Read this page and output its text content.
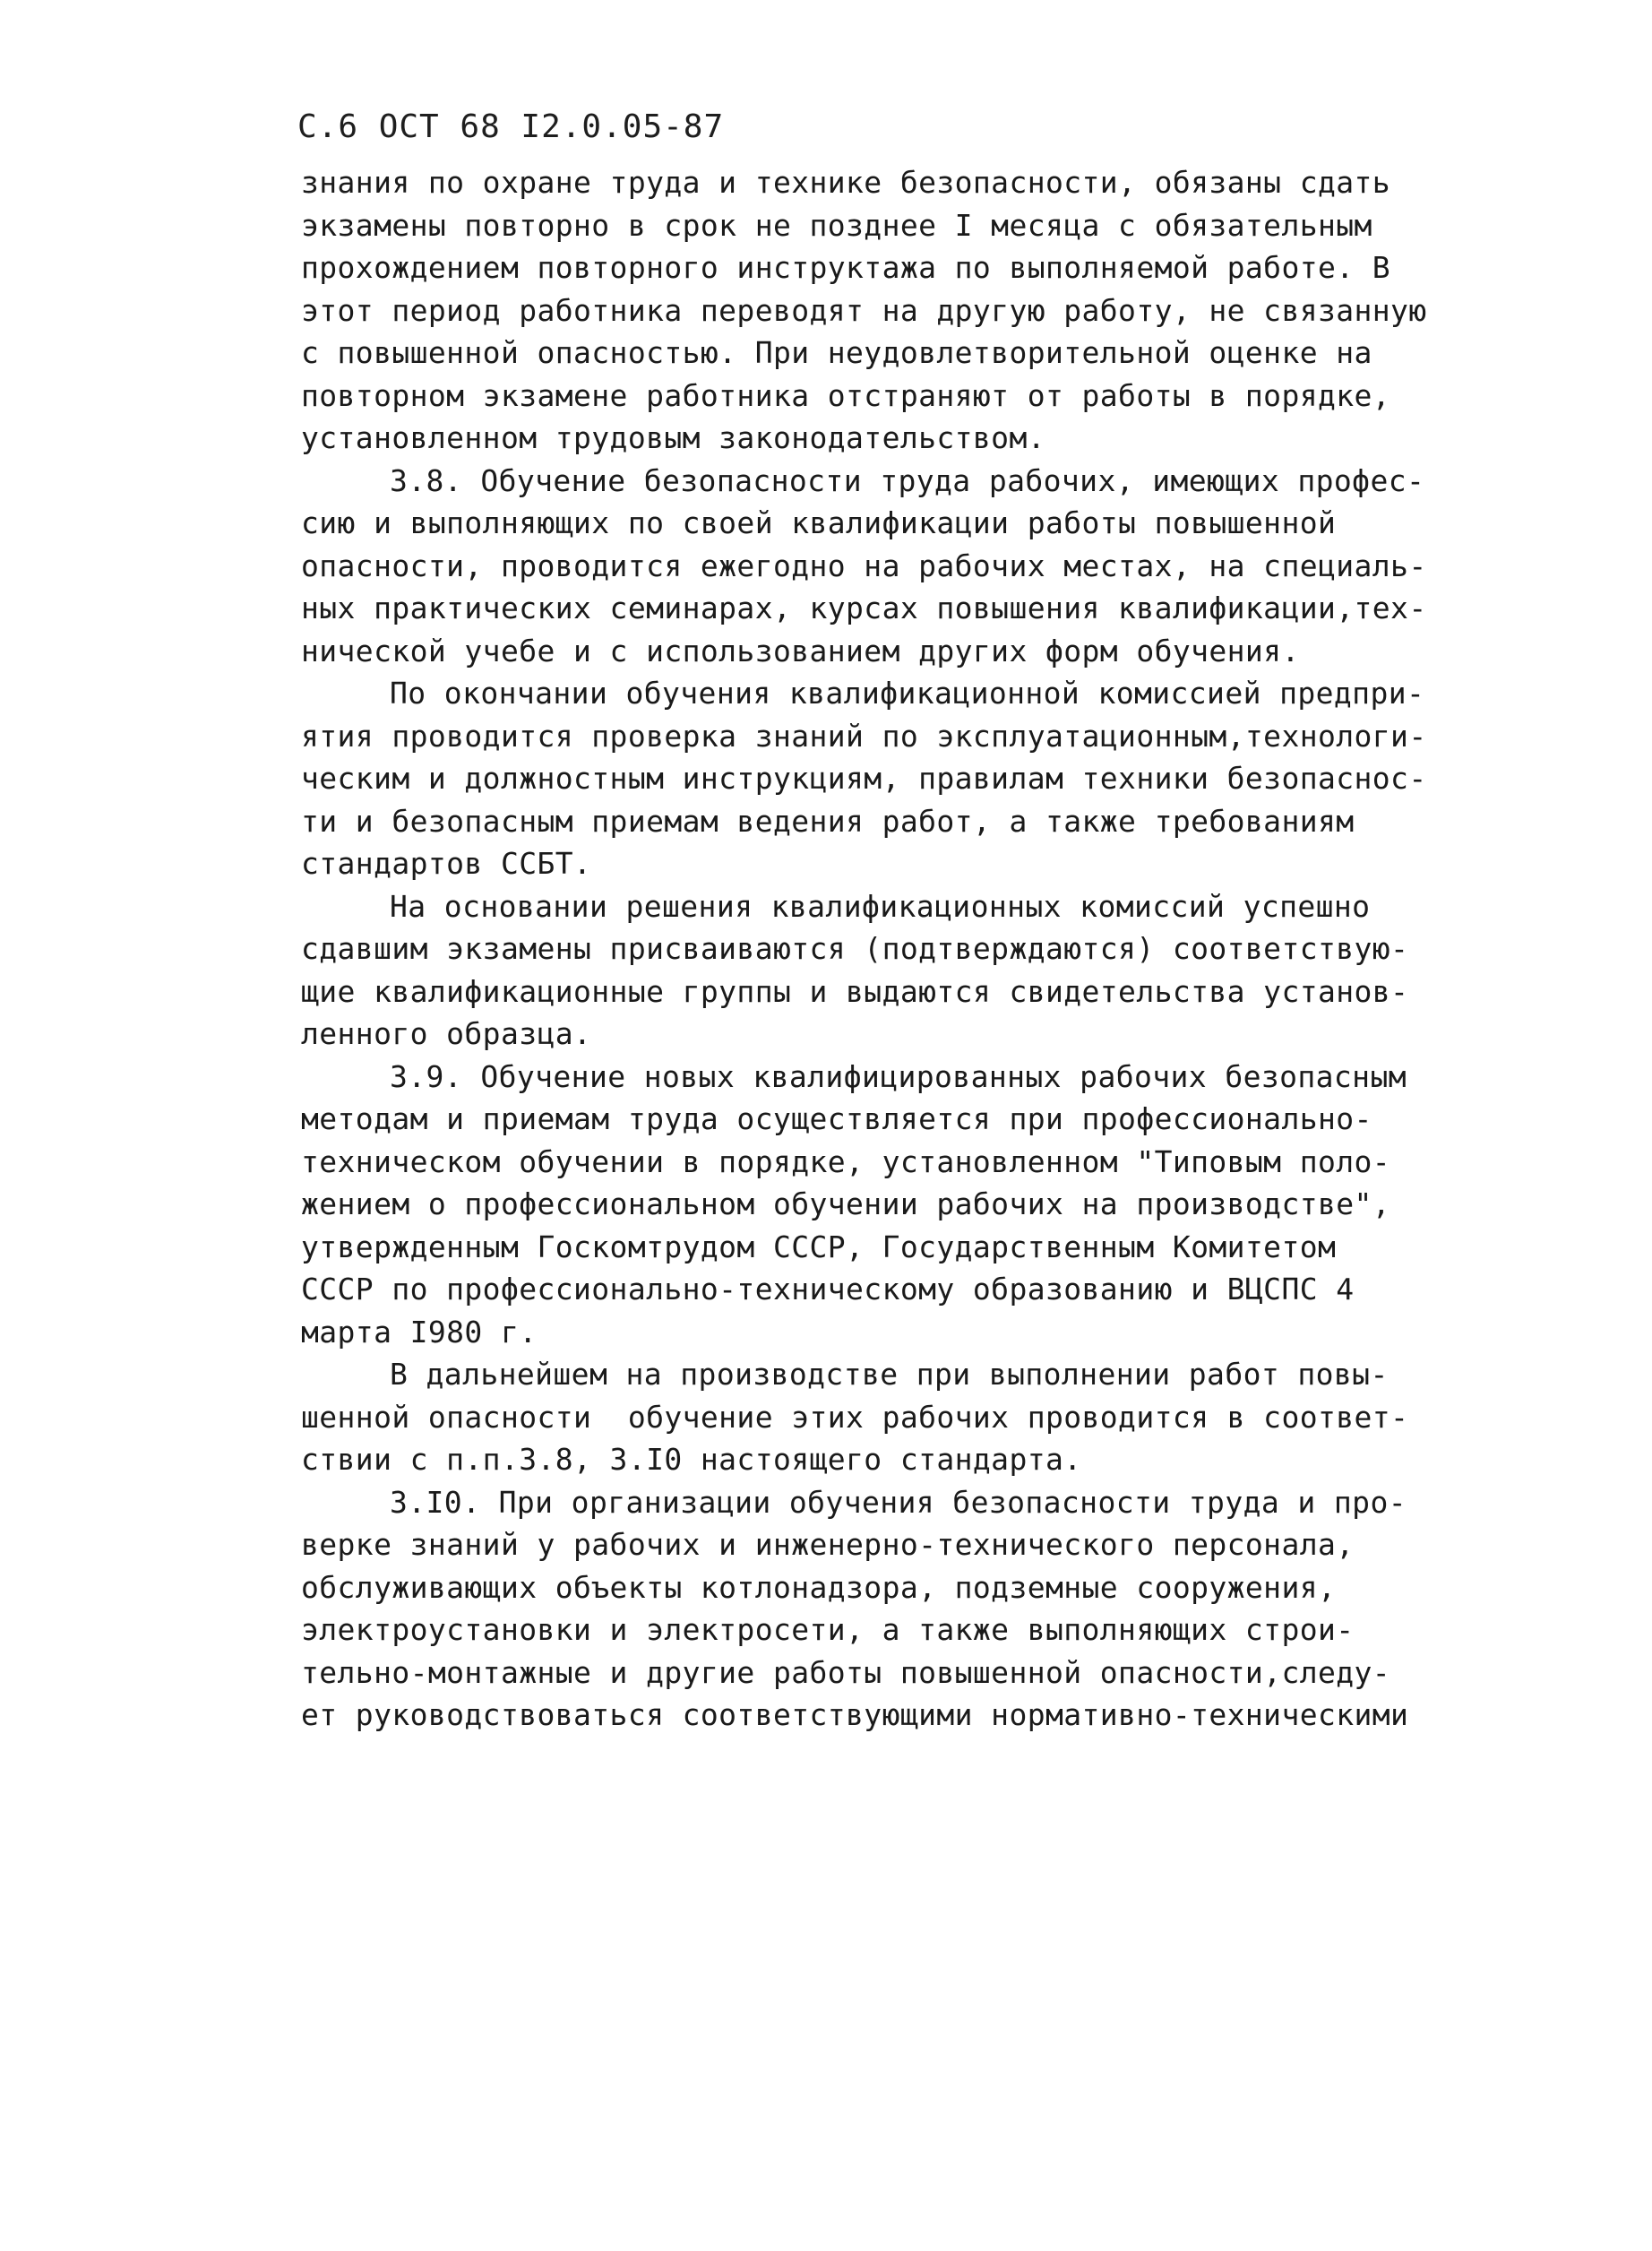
С.6 ОСТ 68 I2.0.05-87
знания по охране труда и технике безопасности, обязаны сдать
экзамены повторно в срок не позднее I месяца с обязательным
прохождением повторного инструктажа по выполняемой работе. В
этот период работника переводят на другую работу, не связанную
с повышенной опасностью. При неудовлетворительной оценке на
повторном экзамене работника отстраняют от работы в порядке,
установленном трудовым законодательством.
3.8. Обучение безопасности труда рабочих, имеющих профес-
сию и выполняющих по своей квалификации работы повышенной
опасности, проводится ежегодно на рабочих местах, на специаль-
ных практических семинарах, курсах повышения квалификации,тех-
нической учебе и с использованием других форм обучения.
По окончании обучения квалификационной комиссией предпри-
ятия проводится проверка знаний по эксплуатационным,технологи-
ческим и должностным инструкциям, правилам техники безопаснос-
ти и безопасным приемам ведения работ, а также требованиям
стандартов ССБТ.
На основании решения квалификационных комиссий успешно
сдавшим экзамены присваиваются (подтверждаются) соответствую-
щие квалификационные группы и выдаются свидетельства установ-
ленного образца.
3.9. Обучение новых квалифицированных рабочих безопасным
методам и приемам труда осуществляется при профессионально-
техническом обучении в порядке, установленном "Типовым поло-
жением о профессиональном обучении рабочих на производстве",
утвержденным Госкомтрудом СССР, Государственным Комитетом
СССР по профессионально-техническому образованию и ВЦСПС 4
марта I980 г.
В дальнейшем на производстве при выполнении работ повы-
шенной опасности  обучение этих рабочих проводится в соответ-
ствии с п.п.3.8, 3.I0 настоящего стандарта.
3.I0. При организации обучения безопасности труда и про-
верке знаний у рабочих и инженерно-технического персонала,
обслуживающих объекты котлонадзора, подземные сооружения,
электроустановки и электросети, а также выполняющих строи-
тельно-монтажные и другие работы повышенной опасности,следу-
ет руководствоваться соответствующими нормативно-техническими
